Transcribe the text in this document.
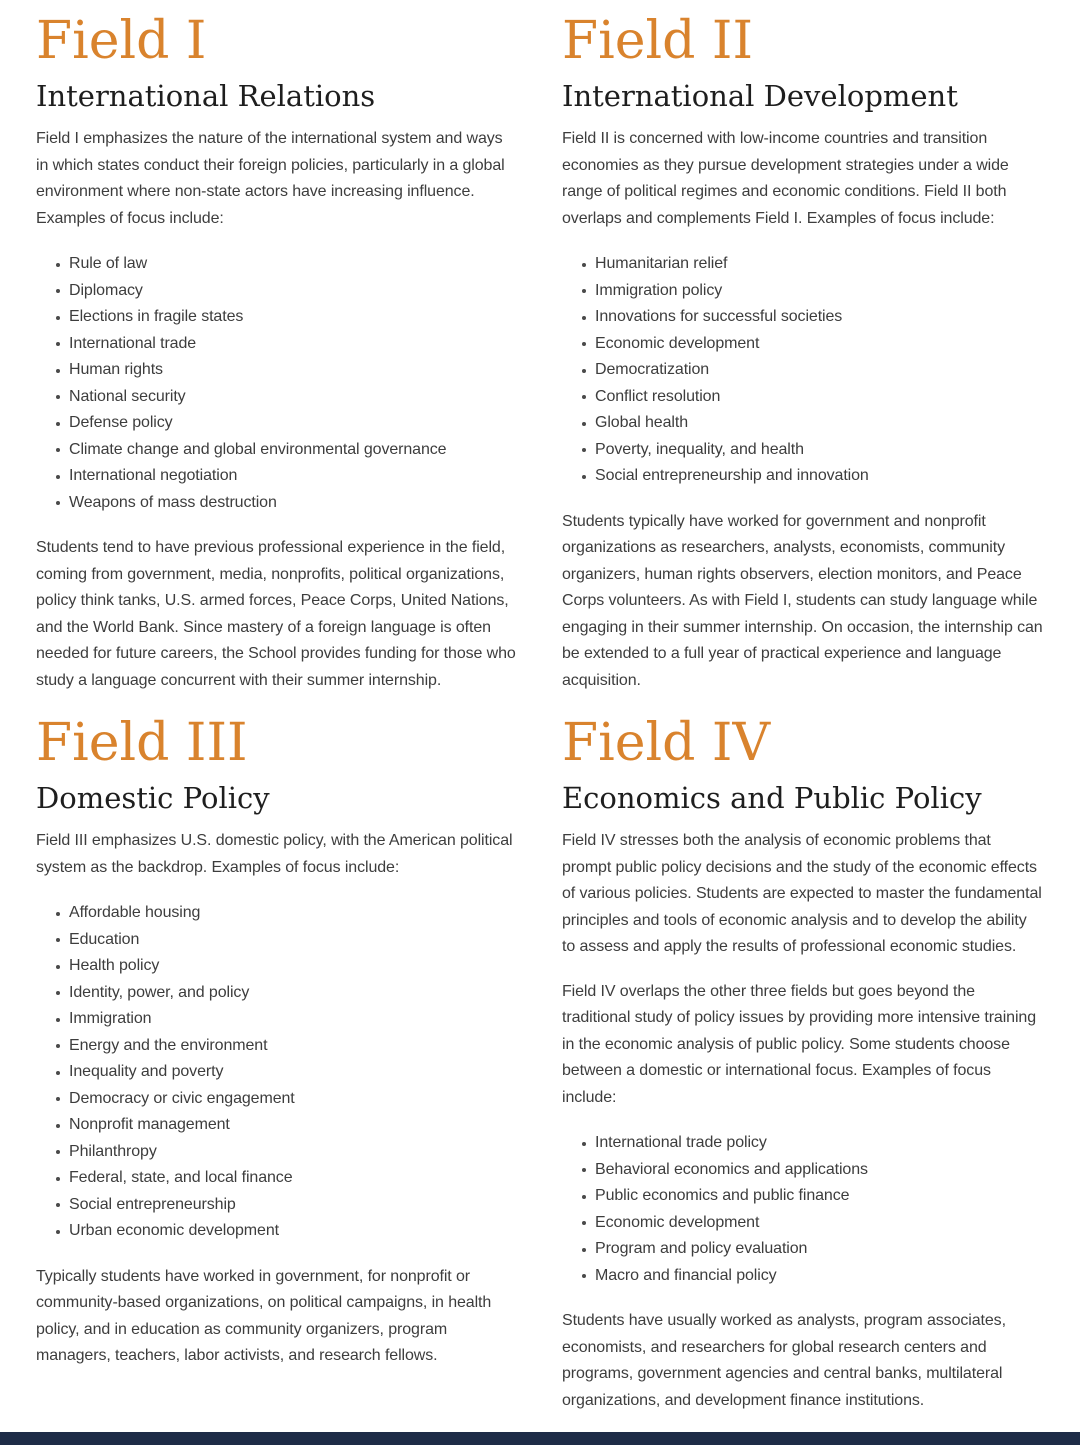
Field I
International Relations

Field I emphasizes the nature of the international system and ways in which states conduct their foreign policies, particularly in a global environment where non-state actors have increasing influence. Examples of focus include:

Rule of law
Diplomacy
Elections in fragile states
International trade
Human rights
National security
Defense policy
Climate change and global environmental governance
International negotiation
Weapons of mass destruction

Students tend to have previous professional experience in the field, coming from government, media, nonprofits, political organizations, policy think tanks, U.S. armed forces, Peace Corps, United Nations, and the World Bank. Since mastery of a foreign language is often needed for future careers, the School provides funding for those who study a language concurrent with their summer internship.

Field II
International Development

Field II is concerned with low-income countries and transition economies as they pursue development strategies under a wide range of political regimes and economic conditions. Field II both overlaps and complements Field I. Examples of focus include:

Humanitarian relief
Immigration policy
Innovations for successful societies
Economic development
Democratization
Conflict resolution
Global health
Poverty, inequality, and health
Social entrepreneurship and innovation

Students typically have worked for government and nonprofit organizations as researchers, analysts, economists, community organizers, human rights observers, election monitors, and Peace Corps volunteers. As with Field I, students can study language while engaging in their summer internship. On occasion, the internship can be extended to a full year of practical experience and language acquisition.

Field III
Domestic Policy

Field III emphasizes U.S. domestic policy, with the American political system as the backdrop. Examples of focus include:

Affordable housing
Education
Health policy
Identity, power, and policy
Immigration
Energy and the environment
Inequality and poverty
Democracy or civic engagement
Nonprofit management
Philanthropy
Federal, state, and local finance
Social entrepreneurship
Urban economic development

Typically students have worked in government, for nonprofit or community-based organizations, on political campaigns, in health policy, and in education as community organizers, program managers, teachers, labor activists, and research fellows.

Field IV
Economics and Public Policy

Field IV stresses both the analysis of economic problems that prompt public policy decisions and the study of the economic effects of various policies. Students are expected to master the fundamental principles and tools of economic analysis and to develop the ability to assess and apply the results of professional economic studies.

Field IV overlaps the other three fields but goes beyond the traditional study of policy issues by providing more intensive training in the economic analysis of public policy. Some students choose between a domestic or international focus. Examples of focus include:

International trade policy
Behavioral economics and applications
Public economics and public finance
Economic development
Program and policy evaluation
Macro and financial policy

Students have usually worked as analysts, program associates, economists, and researchers for global research centers and programs, government agencies and central banks, multilateral organizations, and development finance institutions.
